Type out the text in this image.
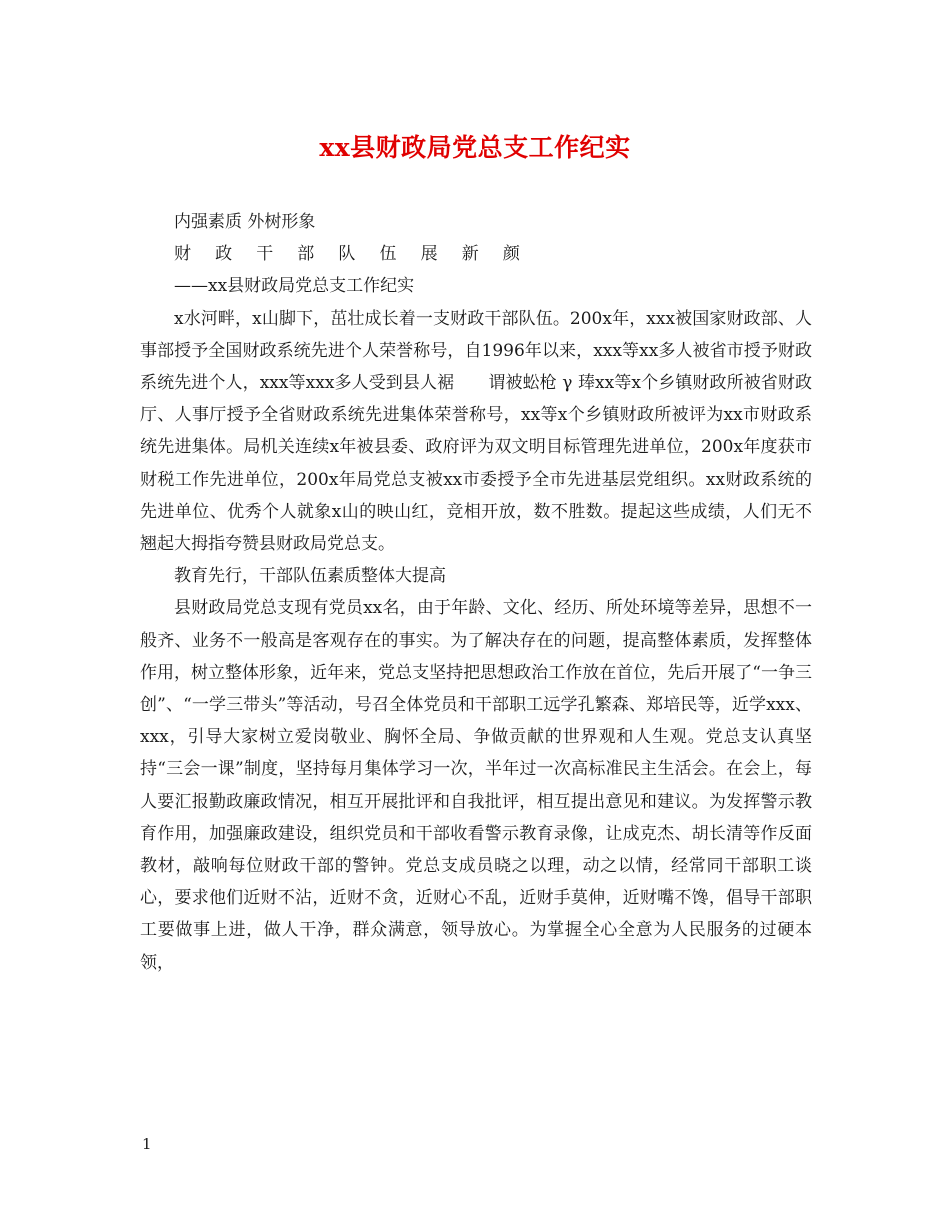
xx县财政局党总支工作纪实

内强素质 外树形象

财 政 干 部 队 伍 展 新 颜

——xx县财政局党总支工作纪实

x水河畔，x山脚下，茁壮成长着一支财政干部队伍。200x年，xxx被国家财政部、人事部授予全国财政系统先进个人荣誉称号，自1996年以来，xxx等xx多人被省市授予财政系统先进个人，xxx等xxx多人受到县人裾　　谓被蚣枪 γ 琫xx等x个乡镇财政所被省财政厅、人事厅授予全省财政系统先进集体荣誉称号，xx等x个乡镇财政所被评为xx市财政系统先进集体。局机关连续x年被县委、政府评为双文明目标管理先进单位，200x年度获市财税工作先进单位，200x年局党总支被xx市委授予全市先进基层党组织。xx财政系统的先进单位、优秀个人就象x山的映山红，竞相开放，数不胜数。提起这些成绩，人们无不翘起大拇指夸赞县财政局党总支。

教育先行，干部队伍素质整体大提高

县财政局党总支现有党员xx名，由于年龄、文化、经历、所处环境等差异，思想不一般齐、业务不一般高是客观存在的事实。为了解决存在的问题，提高整体素质，发挥整体作用，树立整体形象，近年来，党总支坚持把思想政治工作放在首位，先后开展了“一争三创”、“一学三带头”等活动，号召全体党员和干部职工远学孔繁森、郑培民等，近学xxx、xxx，引导大家树立爱岗敬业、胸怀全局、争做贡献的世界观和人生观。党总支认真坚持“三会一课”制度，坚持每月集体学习一次，半年过一次高标准民主生活会。在会上，每人要汇报勤政廉政情况，相互开展批评和自我批评，相互提出意见和建议。为发挥警示教育作用，加强廉政建设，组织党员和干部收看警示教育录像，让成克杰、胡长清等作反面教材，敲响每位财政干部的警钟。党总支成员晓之以理，动之以情，经常同干部职工谈心，要求他们近财不沾，近财不贪，近财心不乱，近财手莫伸，近财嘴不馋，倡导干部职工要做事上进，做人干净，群众满意，领导放心。为掌握全心全意为人民服务的过硬本领，

1
